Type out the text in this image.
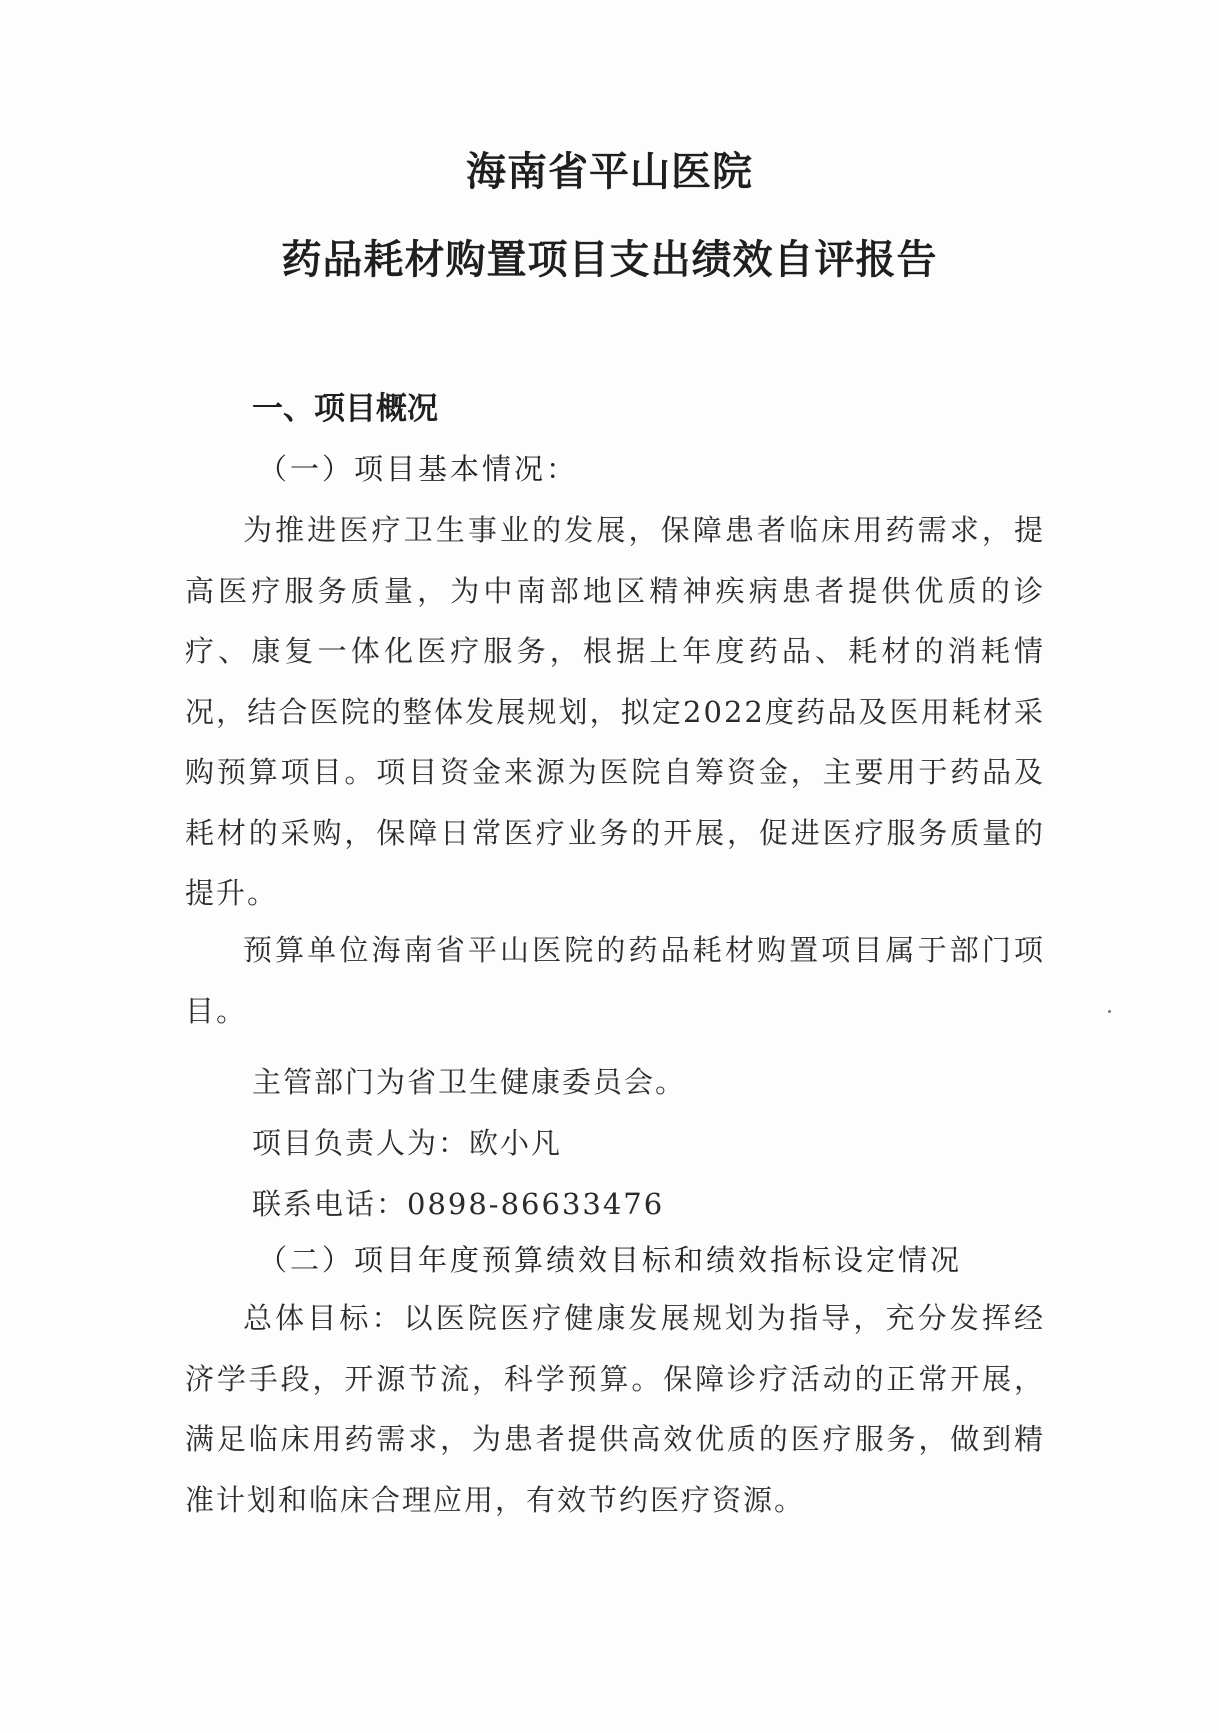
海南省平山医院
药品耗材购置项目支出绩效自评报告
一、项目概况
（一）项目基本情况：

为推进医疗卫生事业的发展，保障患者临床用药需求，提高医疗服务质量，为中南部地区精神疾病患者提供优质的诊疗、康复一体化医疗服务，根据上年度药品、耗材的消耗情况，结合医院的整体发展规划，拟定2022度药品及医用耗材采购预算项目。项目资金来源为医院自筹资金，主要用于药品及耗材的采购，保障日常医疗业务的开展，促进医疗服务质量的提升。

预算单位海南省平山医院的药品耗材购置项目属于部门项目。

主管部门为省卫生健康委员会。
项目负责人为：欧小凡
联系电话：0898-86633476
（二）项目年度预算绩效目标和绩效指标设定情况

总体目标：以医院医疗健康发展规划为指导，充分发挥经济学手段，开源节流，科学预算。保障诊疗活动的正常开展，满足临床用药需求，为患者提供高效优质的医疗服务，做到精准计划和临床合理应用，有效节约医疗资源。
